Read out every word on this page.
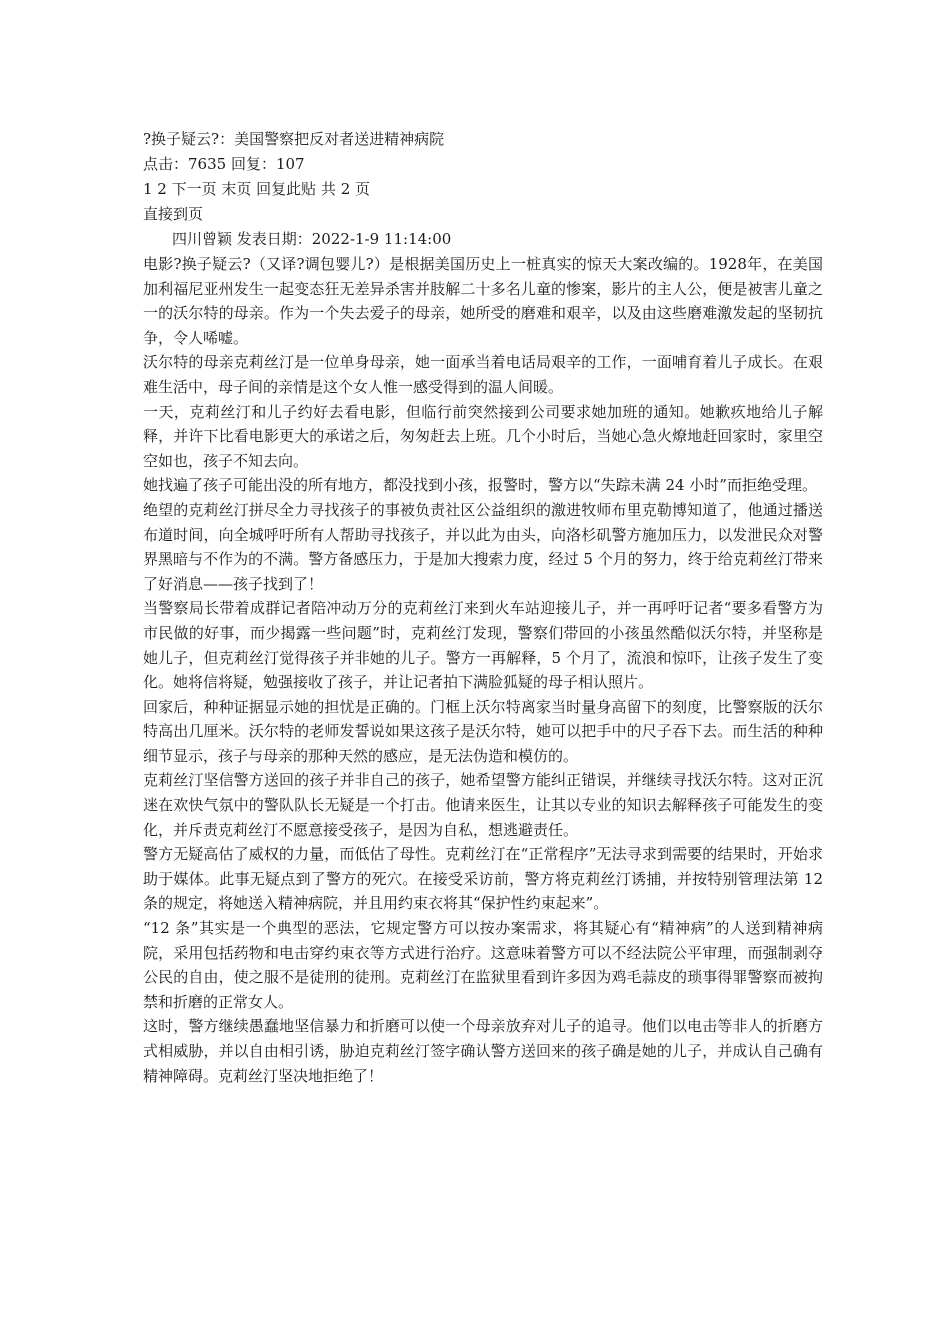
?换子疑云?：美国警察把反对者送进精神病院

点击：7635 回复：107

1 2 下一页 末页 回复此贴 共 2 页

直接到页

四川曾颖 发表日期：2022-1-9 11:14:00

电影?换子疑云?（又译?调包婴儿?）是根据美国历史上一桩真实的惊天大案改编的。1928年，在美国加利福尼亚州发生一起变态狂无差异杀害并肢解二十多名儿童的惨案，影片的主人公，便是被害儿童之一的沃尔特的母亲。作为一个失去爱子的母亲，她所受的磨难和艰辛，以及由这些磨难激发起的坚韧抗争，令人唏嘘。

沃尔特的母亲克莉丝汀是一位单身母亲，她一面承当着电话局艰辛的工作，一面哺育着儿子成长。在艰难生活中，母子间的亲情是这个女人惟一感受得到的温人间暖。

一天，克莉丝汀和儿子约好去看电影，但临行前突然接到公司要求她加班的通知。她歉疚地给儿子解释，并许下比看电影更大的承诺之后，匆匆赶去上班。几个小时后，当她心急火燎地赶回家时，家里空空如也，孩子不知去向。

她找遍了孩子可能出没的所有地方，都没找到小孩，报警时，警方以“失踪未满 24 小时”而拒绝受理。

绝望的克莉丝汀拼尽全力寻找孩子的事被负责社区公益组织的激进牧师布里克勒博知道了，他通过播送布道时间，向全城呼吁所有人帮助寻找孩子，并以此为由头，向洛杉矶警方施加压力，以发泄民众对警界黑暗与不作为的不满。警方备感压力，于是加大搜索力度，经过 5 个月的努力，终于给克莉丝汀带来了好消息——孩子找到了！

当警察局长带着成群记者陪冲动万分的克莉丝汀来到火车站迎接儿子，并一再呼吁记者“要多看警方为市民做的好事，而少揭露一些问题”时，克莉丝汀发现，警察们带回的小孩虽然酷似沃尔特，并坚称是她儿子，但克莉丝汀觉得孩子并非她的儿子。警方一再解释，5 个月了，流浪和惊吓，让孩子发生了变化。她将信将疑，勉强接收了孩子，并让记者拍下满脸狐疑的母子相认照片。

回家后，种种证据显示她的担忧是正确的。门框上沃尔特离家当时量身高留下的刻度，比警察版的沃尔特高出几厘米。沃尔特的老师发誓说如果这孩子是沃尔特，她可以把手中的尺子吞下去。而生活的种种细节显示，孩子与母亲的那种天然的感应，是无法伪造和模仿的。

克莉丝汀坚信警方送回的孩子并非自己的孩子，她希望警方能纠正错误，并继续寻找沃尔特。这对正沉迷在欢快气氛中的警队队长无疑是一个打击。他请来医生，让其以专业的知识去解释孩子可能发生的变化，并斥责克莉丝汀不愿意接受孩子，是因为自私，想逃避责任。

警方无疑高估了威权的力量，而低估了母性。克莉丝汀在“正常程序”无法寻求到需要的结果时，开始求助于媒体。此事无疑点到了警方的死穴。在接受采访前，警方将克莉丝汀诱捕，并按特别管理法第 12 条的规定，将她送入精神病院，并且用约束衣将其“保护性约束起来”。

“12 条”其实是一个典型的恶法，它规定警方可以按办案需求，将其疑心有“精神病”的人送到精神病院，采用包括药物和电击穿约束衣等方式进行治疗。这意味着警方可以不经法院公平审理，而强制剥夺公民的自由，使之服不是徒刑的徒刑。克莉丝汀在监狱里看到许多因为鸡毛蒜皮的琐事得罪警察而被拘禁和折磨的正常女人。

这时，警方继续愚蠢地坚信暴力和折磨可以使一个母亲放弃对儿子的追寻。他们以电击等非人的折磨方式相威胁，并以自由相引诱，胁迫克莉丝汀签字确认警方送回来的孩子确是她的儿子，并成认自己确有精神障碍。克莉丝汀坚决地拒绝了！
